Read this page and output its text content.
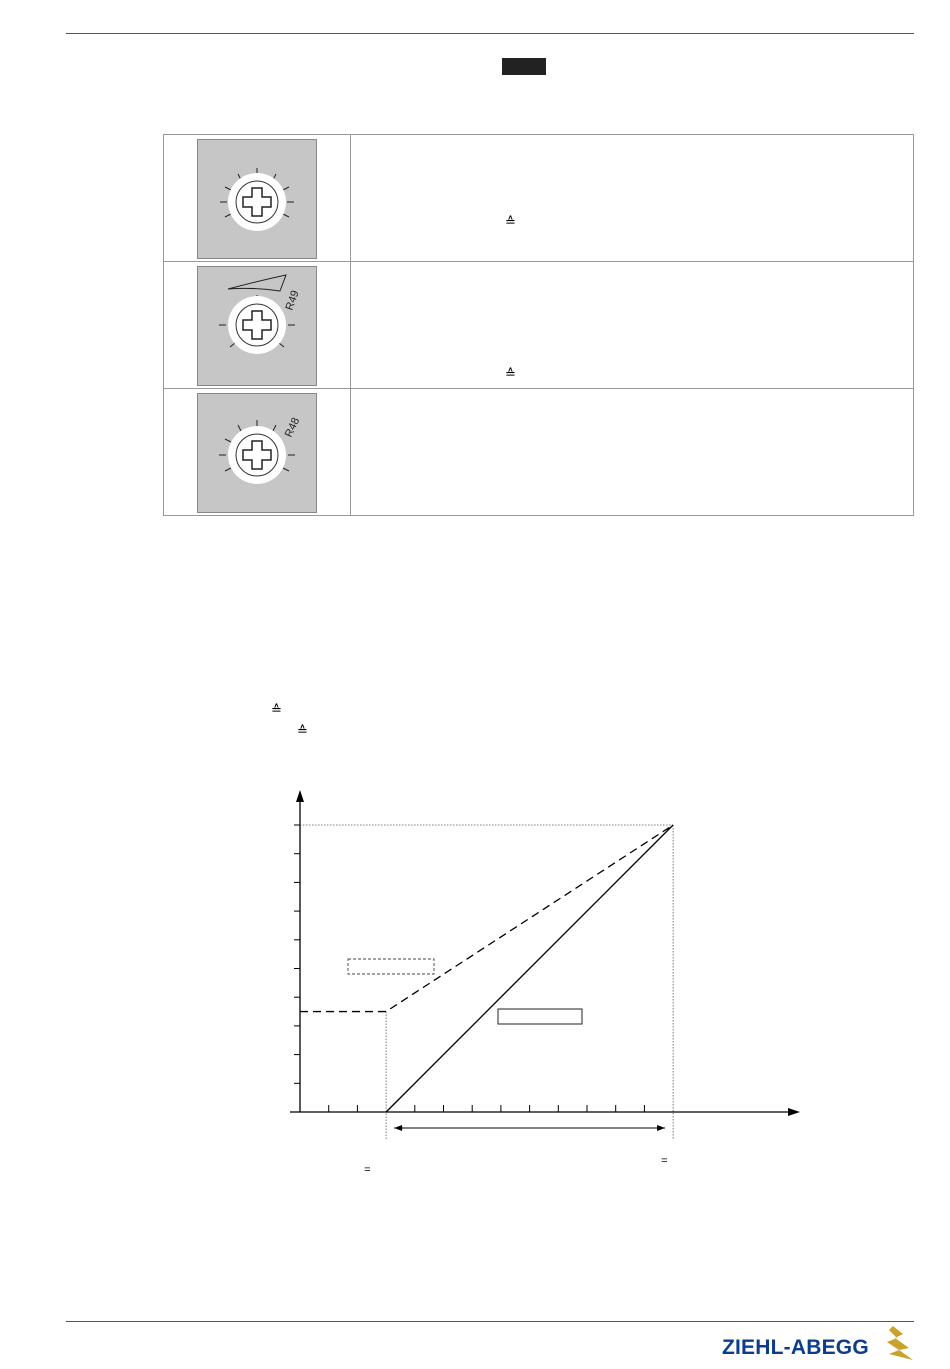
≙
R49
≙
R48
≙
≙
=
=
ZIEHL-ABEGG
